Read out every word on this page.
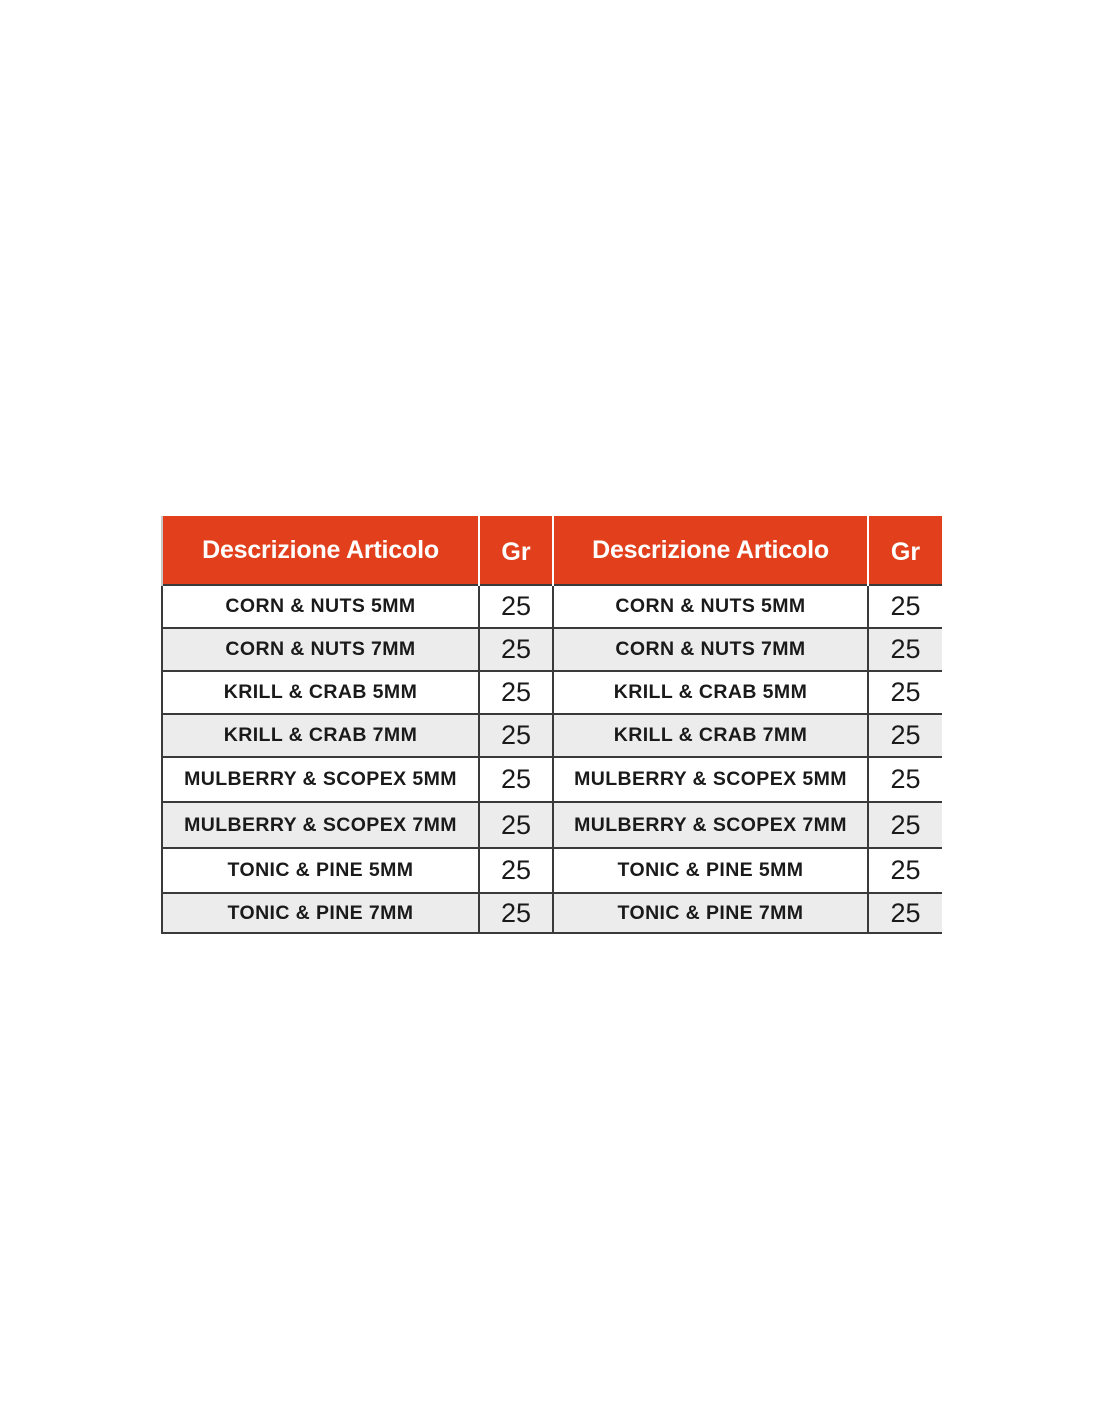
Descrizione Articolo	Gr	Descrizione Articolo	Gr
CORN & NUTS 5MM	25	CORN & NUTS 5MM	25
CORN & NUTS 7MM	25	CORN & NUTS 7MM	25
KRILL & CRAB 5MM	25	KRILL & CRAB 5MM	25
KRILL & CRAB 7MM	25	KRILL & CRAB 7MM	25
MULBERRY & SCOPEX 5MM	25	MULBERRY & SCOPEX 5MM	25
MULBERRY & SCOPEX 7MM	25	MULBERRY & SCOPEX 7MM	25
TONIC & PINE 5MM	25	TONIC & PINE 5MM	25
TONIC & PINE 7MM	25	TONIC & PINE 7MM	25
